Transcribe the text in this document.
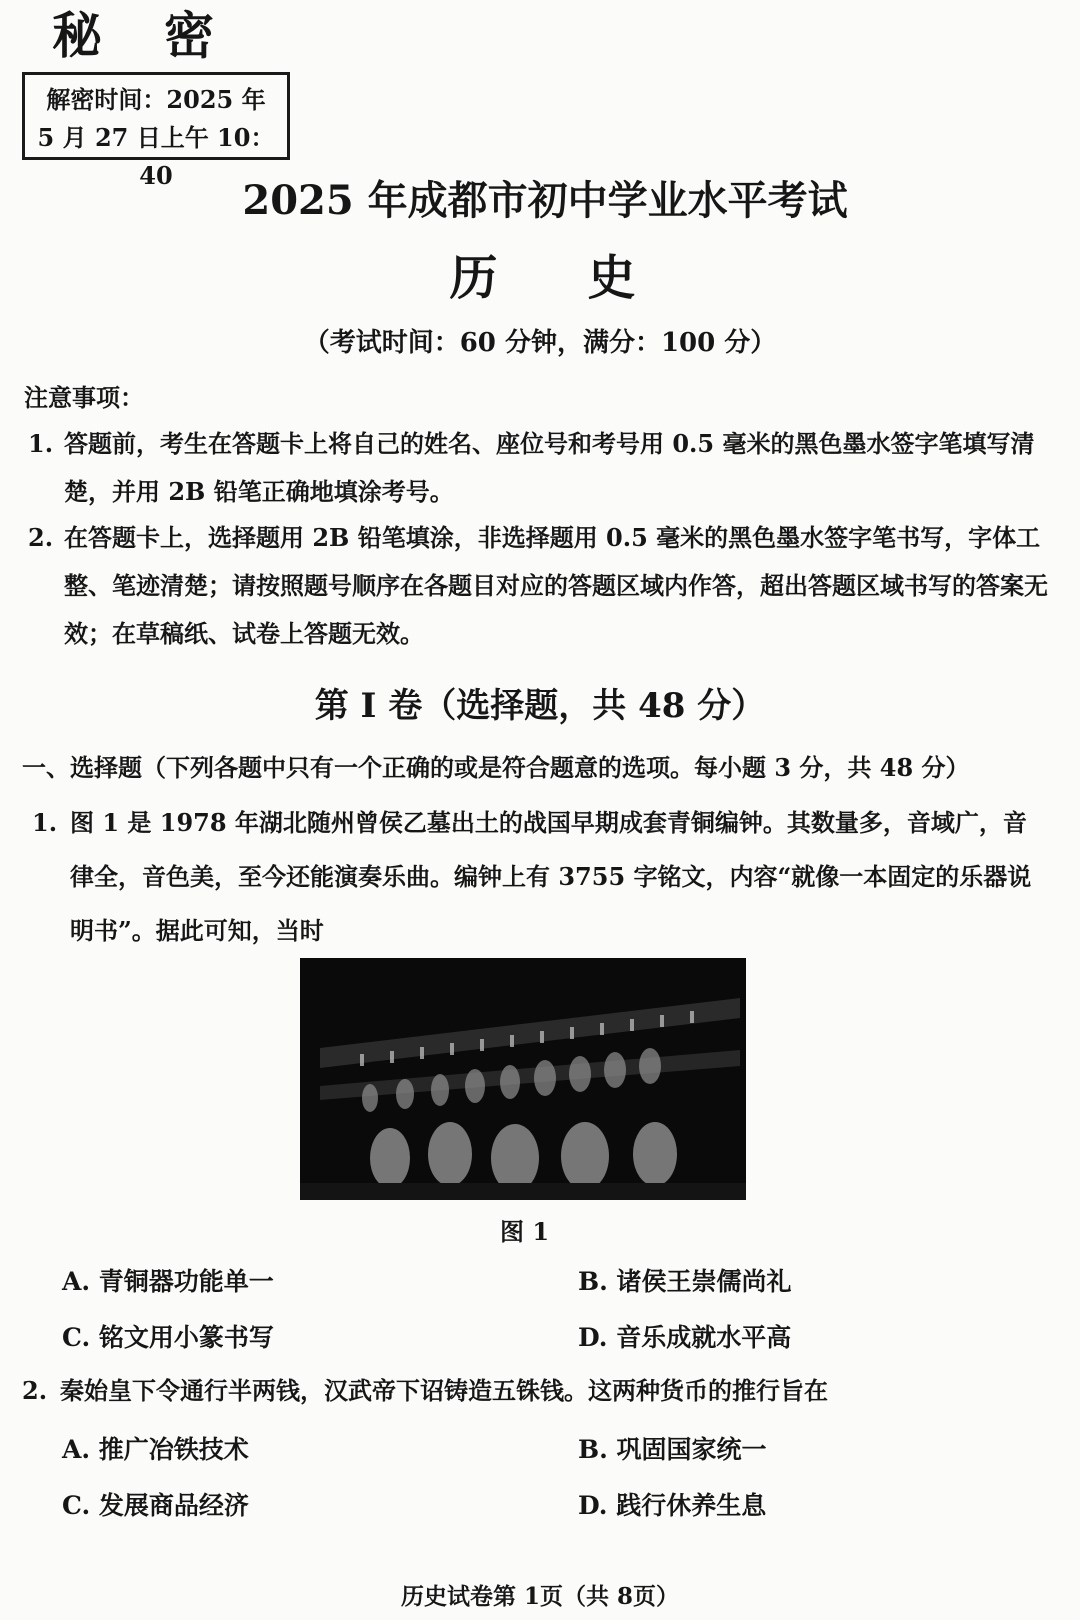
秘密
解密时间：2025 年
5 月 27 日上午 10：40
2025 年成都市初中学业水平考试
历史
（考试时间：60 分钟，满分：100 分）
注意事项：
1. 答题前，考生在答题卡上将自己的姓名、座位号和考号用 0.5 毫米的黑色墨水签字笔填写清楚，并用 2B 铅笔正确地填涂考号。
2. 在答题卡上，选择题用 2B 铅笔填涂，非选择题用 0.5 毫米的黑色墨水签字笔书写，字体工整、笔迹清楚；请按照题号顺序在各题目对应的答题区域内作答，超出答题区域书写的答案无效；在草稿纸、试卷上答题无效。
第 I 卷（选择题，共 48 分）
一、选择题（下列各题中只有一个正确的或是符合题意的选项。每小题 3 分，共 48 分）
1. 图 1 是 1978 年湖北随州曾侯乙墓出土的战国早期成套青铜编钟。其数量多，音域广，音律全，音色美，至今还能演奏乐曲。编钟上有 3755 字铭文，内容“就像一本固定的乐器说明书”。据此可知，当时
图 1
A. 青铜器功能单一	B. 诸侯王崇儒尚礼
C. 铭文用小篆书写	D. 音乐成就水平高
2. 秦始皇下令通行半两钱，汉武帝下诏铸造五铢钱。这两种货币的推行旨在
A. 推广冶铁技术	B. 巩固国家统一
C. 发展商品经济	D. 践行休养生息
历史试卷第 1页（共 8页）
